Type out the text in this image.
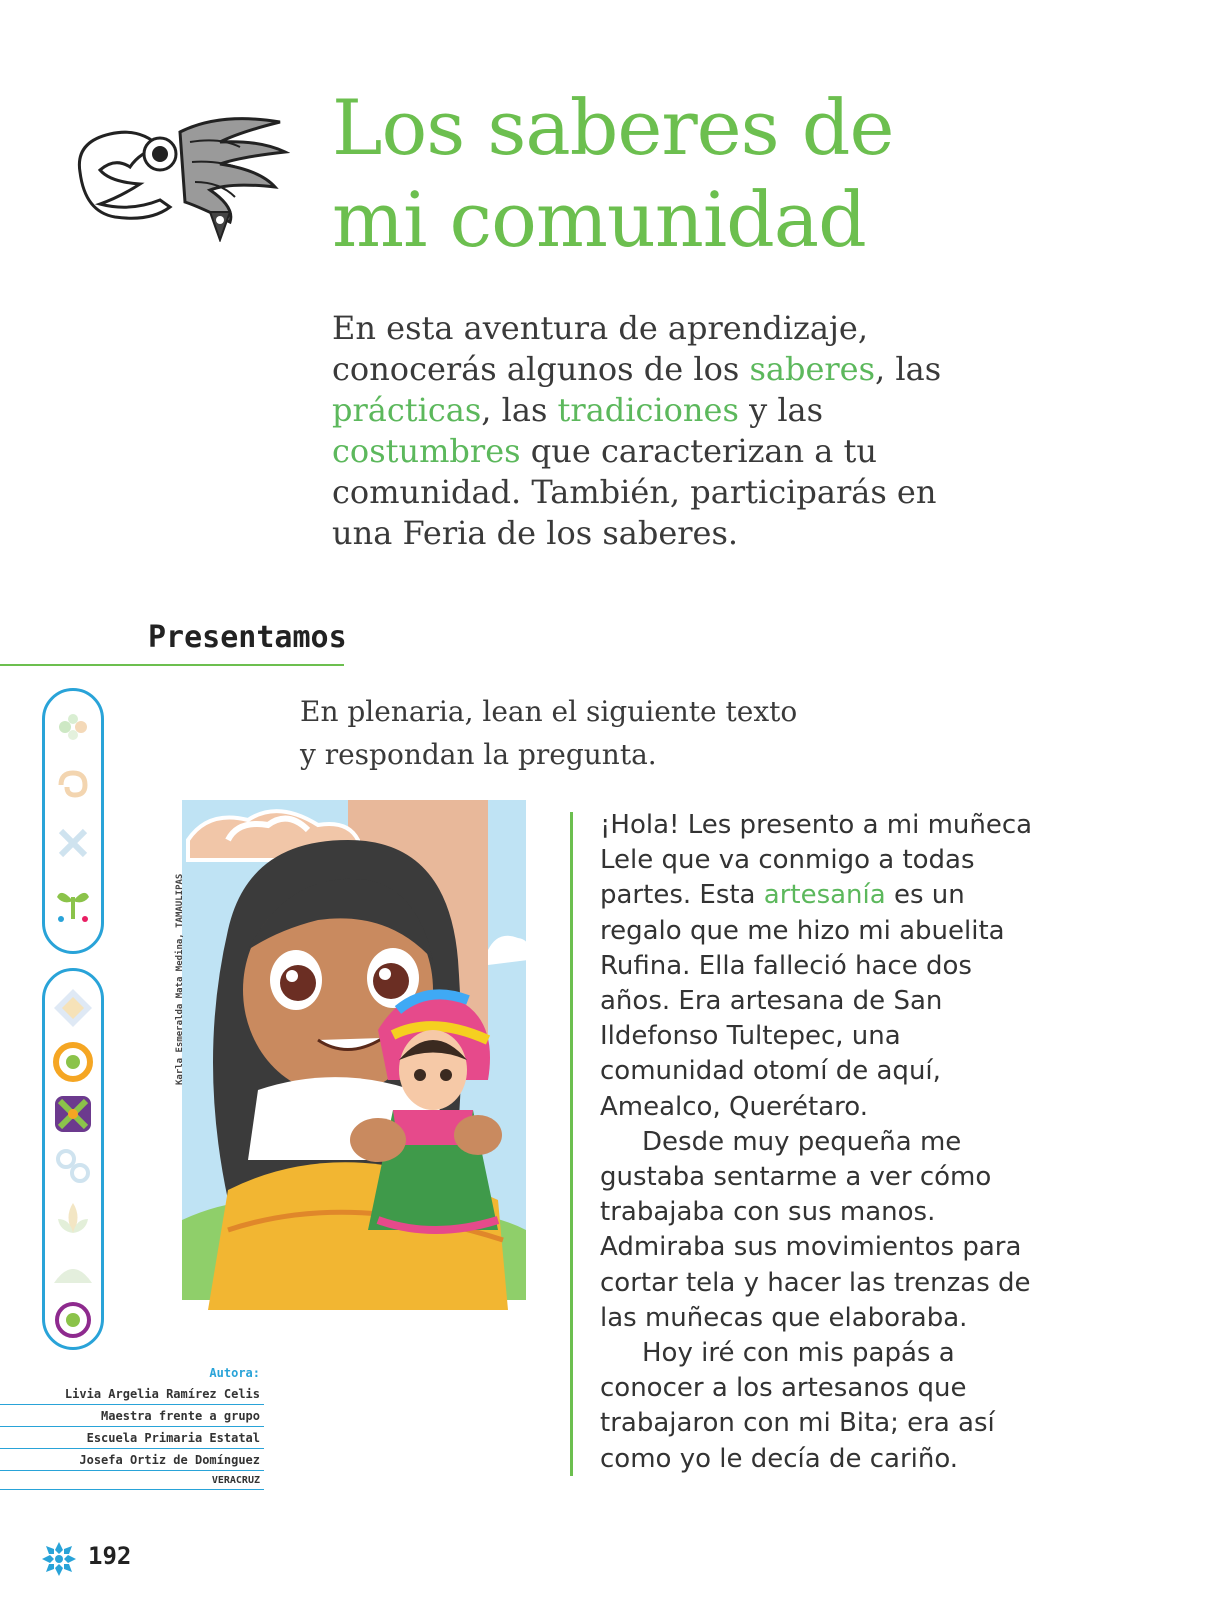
Los saberes de
mi comunidad
En esta aventura de aprendizaje, conocerás algunos de los saberes, las prácticas, las tradiciones y las costumbres que caracterizan a tu comunidad. También, participarás en una Feria de los saberes.
Presentamos
En plenaria, lean el siguiente texto
y respondan la pregunta.
Karla Esmeralda Mata Medina, TAMAULIPAS

¡Hola! Les presento a mi muñeca Lele que va conmigo a todas partes. Esta artesanía es un regalo que me hizo mi abuelita Rufina. Ella falleció hace dos años. Era artesana de San Ildefonso Tultepec, una comunidad otomí de aquí, Amealco, Querétaro.

Desde muy pequeña me gustaba sentarme a ver cómo trabajaba con sus manos. Admiraba sus movimientos para cortar tela y hacer las trenzas de las muñecas que elaboraba.

Hoy iré con mis papás a conocer a los artesanos que trabajaron con mi Bita; era así como yo le decía de cariño.

Autora:
Livia Argelia Ramírez Celis
Maestra frente a grupo
Escuela Primaria Estatal
Josefa Ortiz de Domínguez
VERACRUZ
192
